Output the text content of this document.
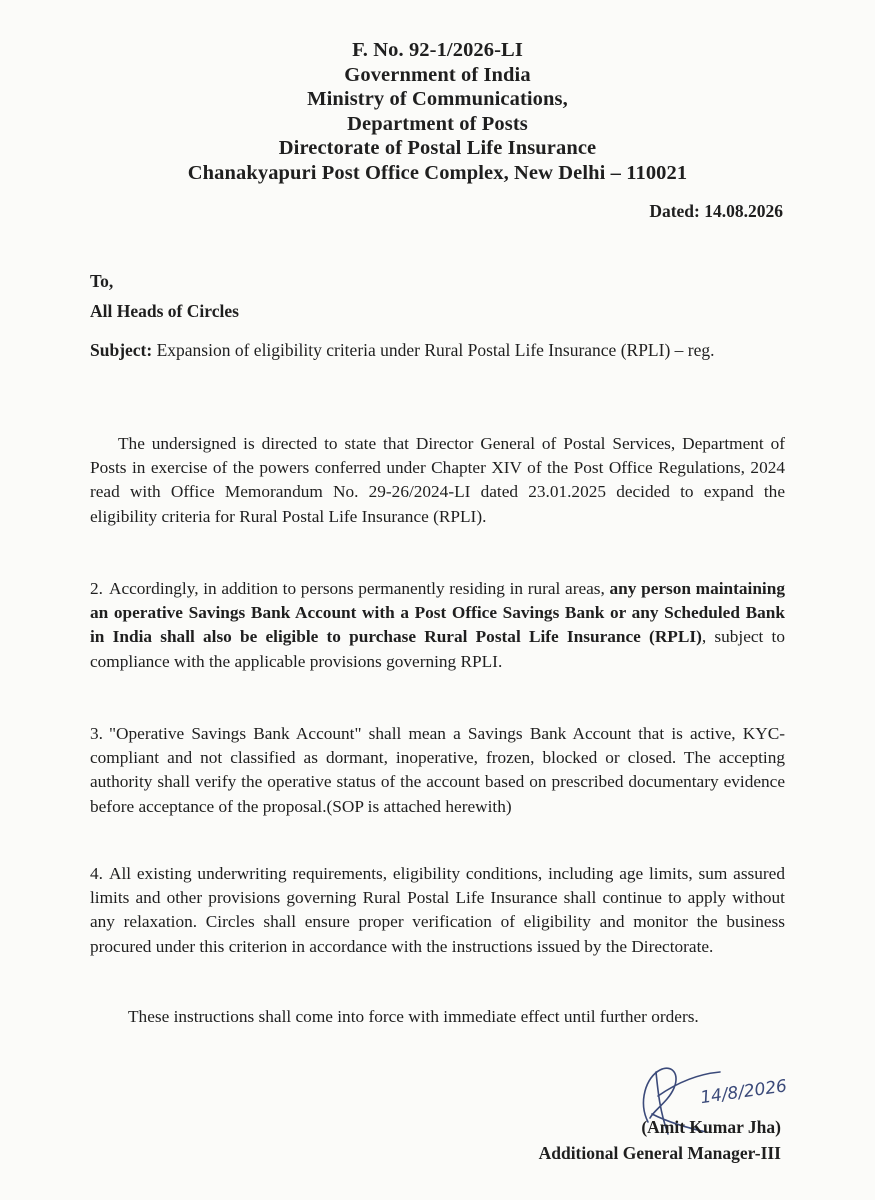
F. No. 92-1/2026-LI
Government of India
Ministry of Communications,
Department of Posts
Directorate of Postal Life Insurance
Chanakyapuri Post Office Complex, New Delhi – 110021
Dated: 14.08.2026
To,
All Heads of Circles
Subject: Expansion of eligibility criteria under Rural Postal Life Insurance (RPLI) – reg.
The undersigned is directed to state that Director General of Postal Services, Department of Posts in exercise of the powers conferred under Chapter XIV of the Post Office Regulations, 2024 read with Office Memorandum No. 29-26/2024-LI dated 23.01.2025 decided to expand the eligibility criteria for Rural Postal Life Insurance (RPLI).
2. Accordingly, in addition to persons permanently residing in rural areas, any person maintaining an operative Savings Bank Account with a Post Office Savings Bank or any Scheduled Bank in India shall also be eligible to purchase Rural Postal Life Insurance (RPLI), subject to compliance with the applicable provisions governing RPLI.
3. "Operative Savings Bank Account" shall mean a Savings Bank Account that is active, KYC-compliant and not classified as dormant, inoperative, frozen, blocked or closed. The accepting authority shall verify the operative status of the account based on prescribed documentary evidence before acceptance of the proposal.(SOP is attached herewith)
4. All existing underwriting requirements, eligibility conditions, including age limits, sum assured limits and other provisions governing Rural Postal Life Insurance shall continue to apply without any relaxation. Circles shall ensure proper verification of eligibility and monitor the business procured under this criterion in accordance with the instructions issued by the Directorate.
These instructions shall come into force with immediate effect until further orders.
14/8/2026
(Amit Kumar Jha)
Additional General Manager-III
